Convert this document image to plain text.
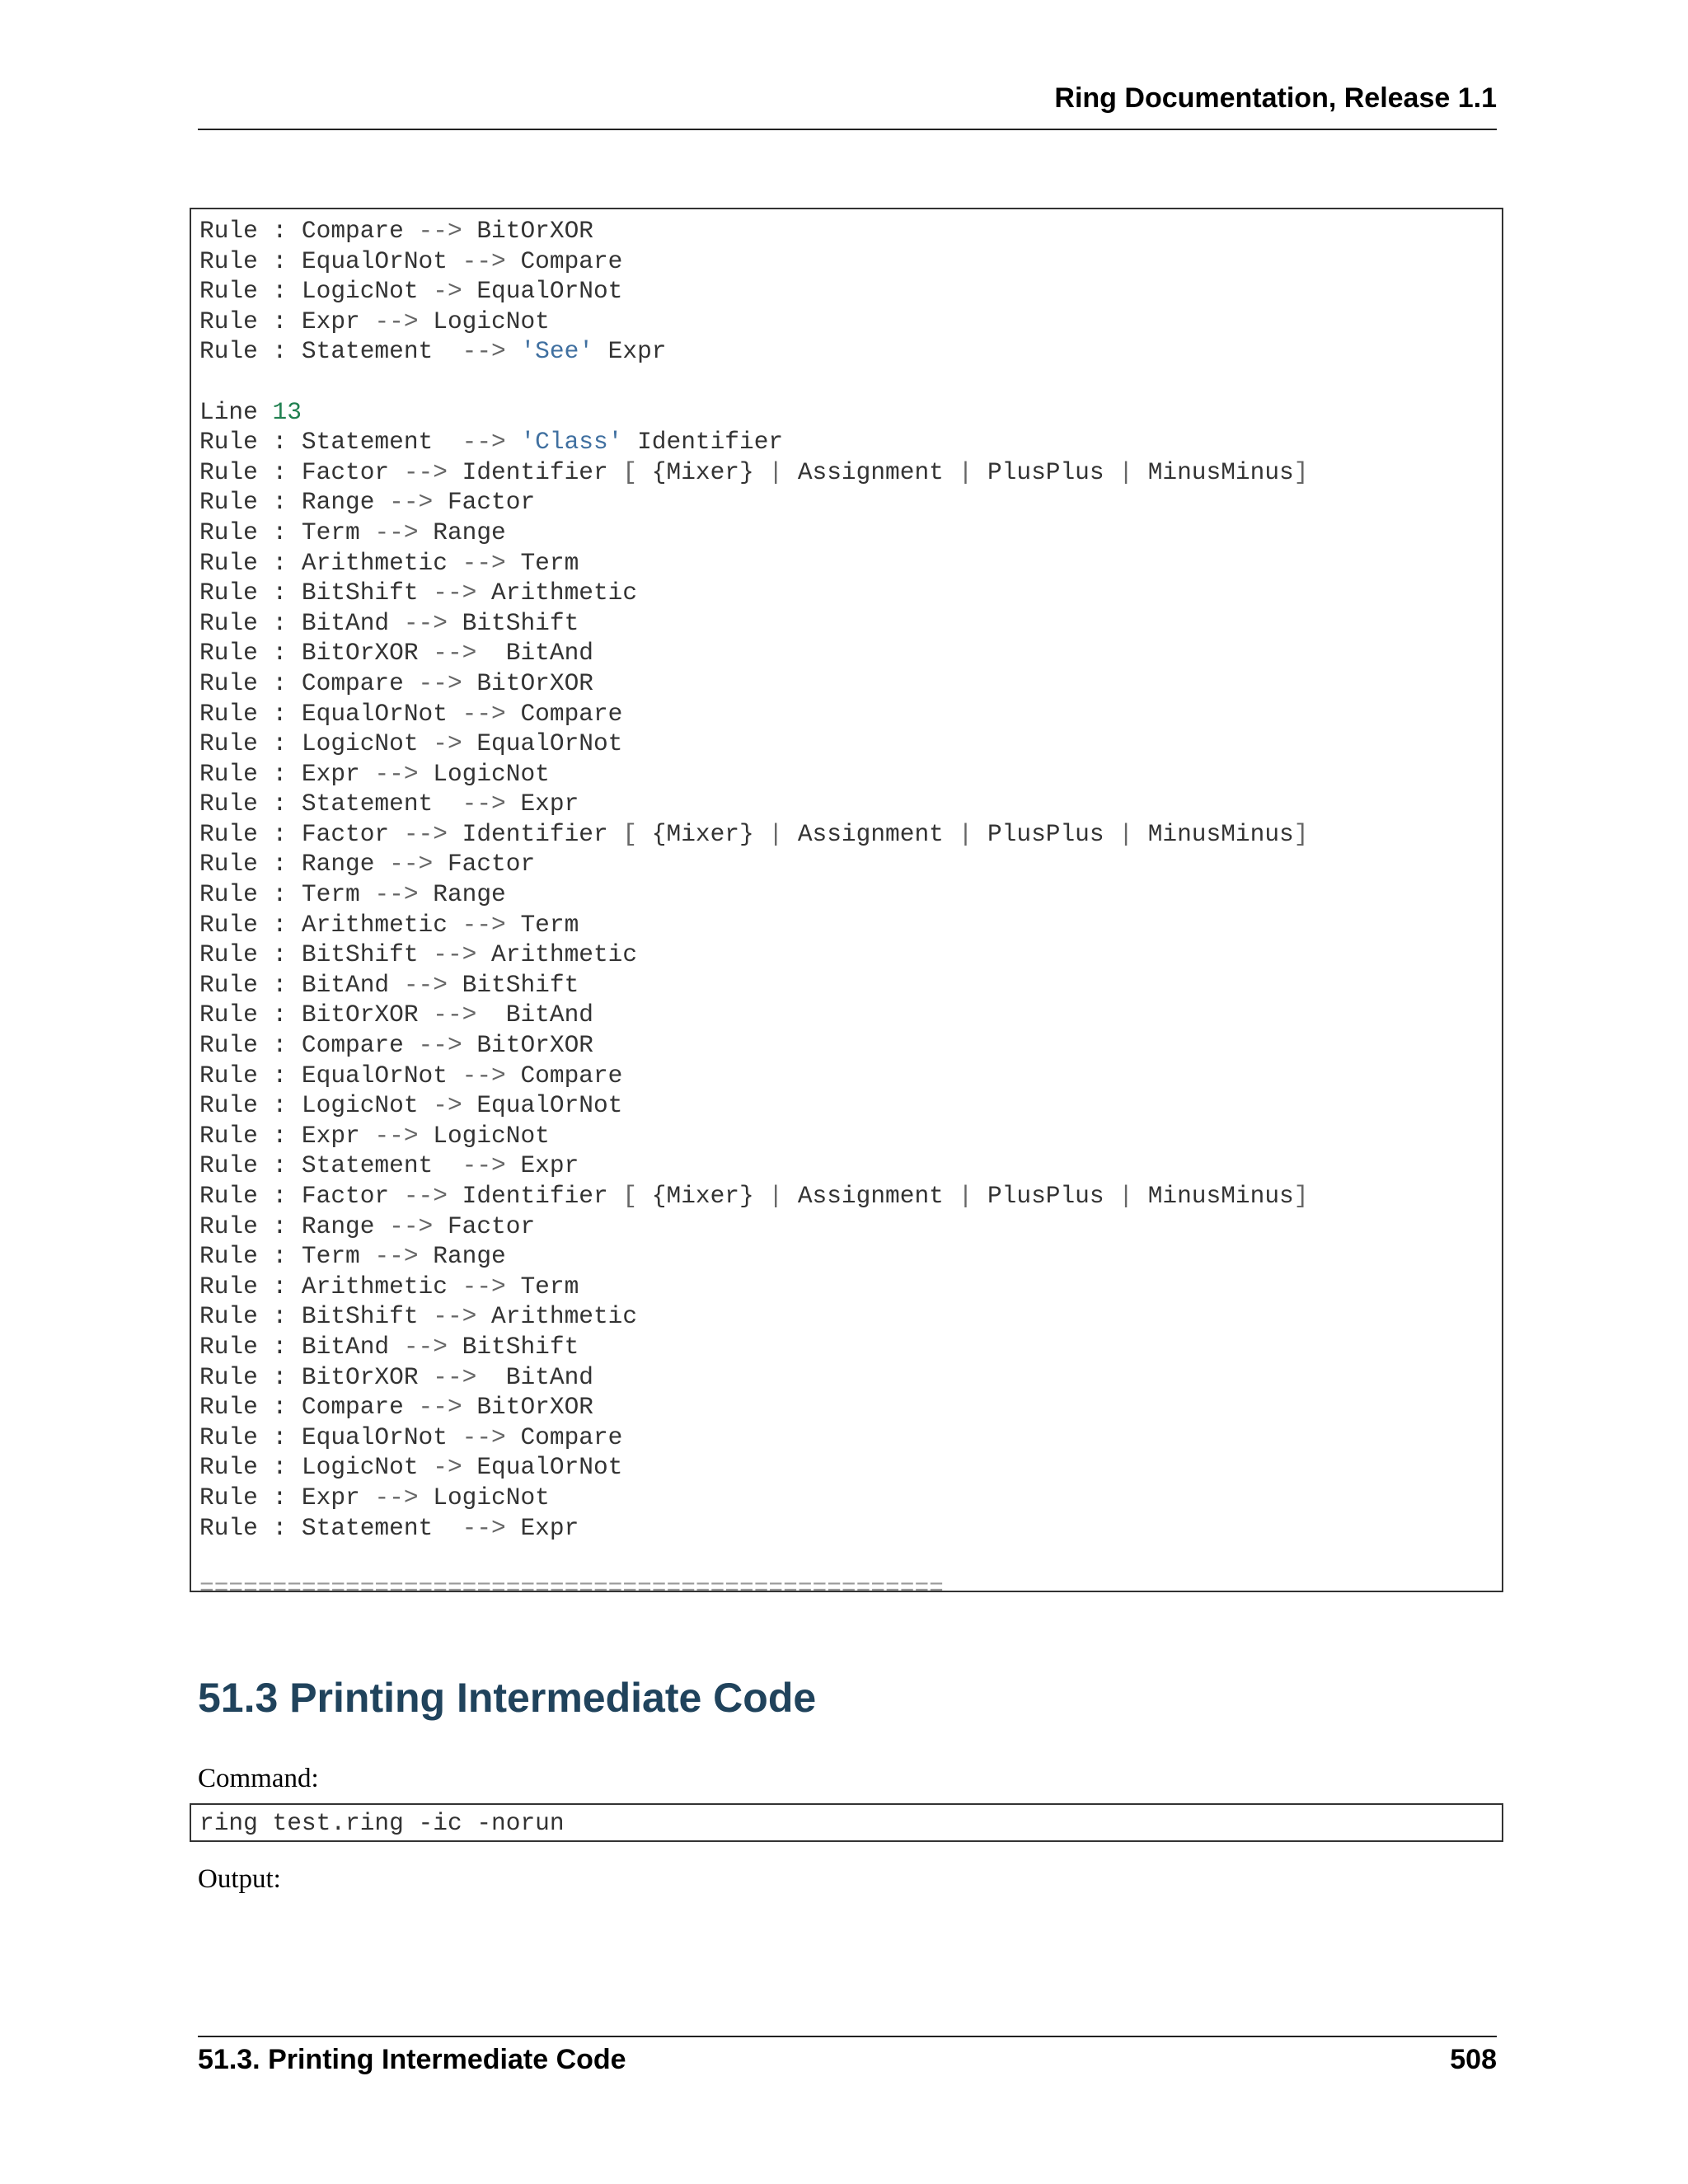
Ring Documentation, Release 1.1
Rule : Compare --> BitOrXOR
Rule : EqualOrNot --> Compare
Rule : LogicNot -> EqualOrNot
Rule : Expr --> LogicNot
Rule : Statement  --> 'See' Expr
Line 13
Rule : Statement  --> 'Class' Identifier
Rule : Factor --> Identifier [ {Mixer} | Assignment | PlusPlus | MinusMinus]
Rule : Range --> Factor
Rule : Term --> Range
Rule : Arithmetic --> Term
Rule : BitShift --> Arithmetic
Rule : BitAnd --> BitShift
Rule : BitOrXOR -->  BitAnd
Rule : Compare --> BitOrXOR
Rule : EqualOrNot --> Compare
Rule : LogicNot -> EqualOrNot
Rule : Expr --> LogicNot
Rule : Statement  --> Expr
Rule : Factor --> Identifier [ {Mixer} | Assignment | PlusPlus | MinusMinus]
Rule : Range --> Factor
Rule : Term --> Range
Rule : Arithmetic --> Term
Rule : BitShift --> Arithmetic
Rule : BitAnd --> BitShift
Rule : BitOrXOR -->  BitAnd
Rule : Compare --> BitOrXOR
Rule : EqualOrNot --> Compare
Rule : LogicNot -> EqualOrNot
Rule : Expr --> LogicNot
Rule : Statement  --> Expr
Rule : Factor --> Identifier [ {Mixer} | Assignment | PlusPlus | MinusMinus]
Rule : Range --> Factor
Rule : Term --> Range
Rule : Arithmetic --> Term
Rule : BitShift --> Arithmetic
Rule : BitAnd --> BitShift
Rule : BitOrXOR -->  BitAnd
Rule : Compare --> BitOrXOR
Rule : EqualOrNot --> Compare
Rule : LogicNot -> EqualOrNot
Rule : Expr --> LogicNot
Rule : Statement  --> Expr
===================================================
51.3 Printing Intermediate Code

Command:

ring test.ring -ic -norun

Output:

51.3. Printing Intermediate Code	508
